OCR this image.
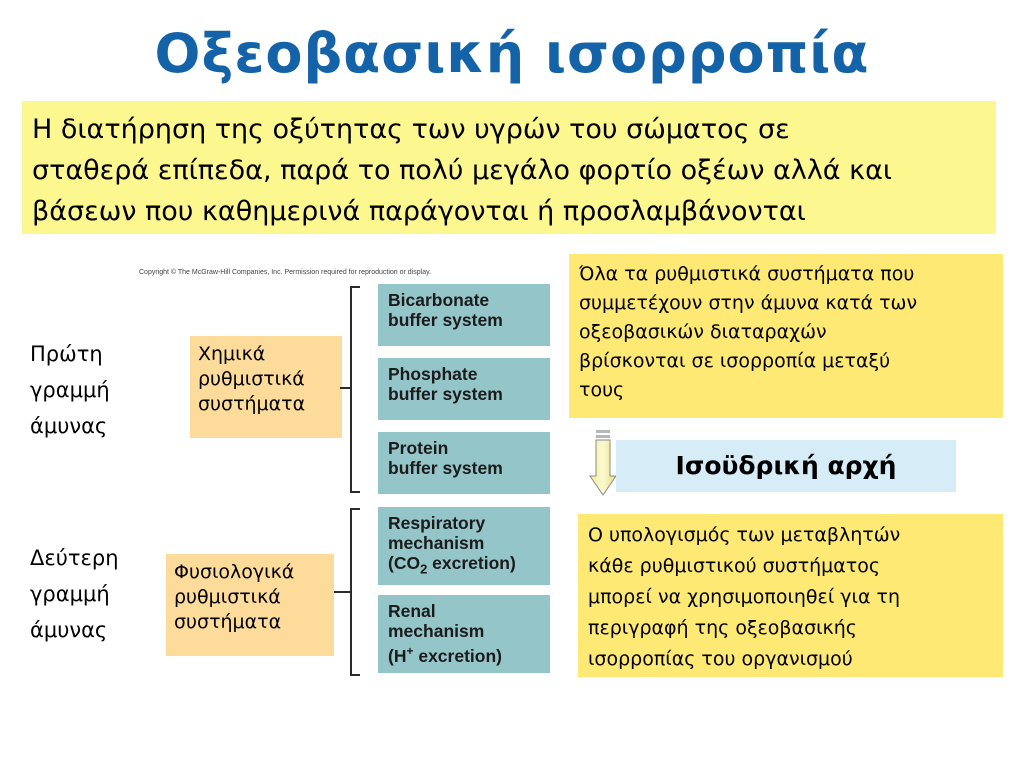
Οξεοβασική ισορροπία
Η διατήρηση της οξύτητας των υγρών του σώματος σε
σταθερά επίπεδα, παρά το πολύ μεγάλο φορτίο οξέων αλλά και
βάσεων που καθημερινά παράγονται ή προσλαμβάνονται
Copyright © The McGraw-Hill Companies, Inc. Permission required for reproduction or display.
Πρώτη
γραμμή
άμυνας
Χημικά
ρυθμιστικά
συστήματα
Bicarbonate
buffer system
Phosphate
buffer system
Protein
buffer system
Δεύτερη
γραμμή
άμυνας
Φυσιολογικά
ρυθμιστικά
συστήματα
Respiratory
mechanism
($CO_2$ excretion)
Renal
mechanism
(H+ excretion)
Όλα τα ρυθμιστικά συστήματα που
συμμετέχουν στην άμυνα κατά των
οξεοβασικών διαταραχών
βρίσκονται σε ισορροπία μεταξύ
τους
Ισοϋδρική αρχή
Ο υπολογισμός των μεταβλητών
κάθε ρυθμιστικού συστήματος
μπορεί να χρησιμοποιηθεί για τη
περιγραφή της οξεοβασικής
ισορροπίας του οργανισμού
